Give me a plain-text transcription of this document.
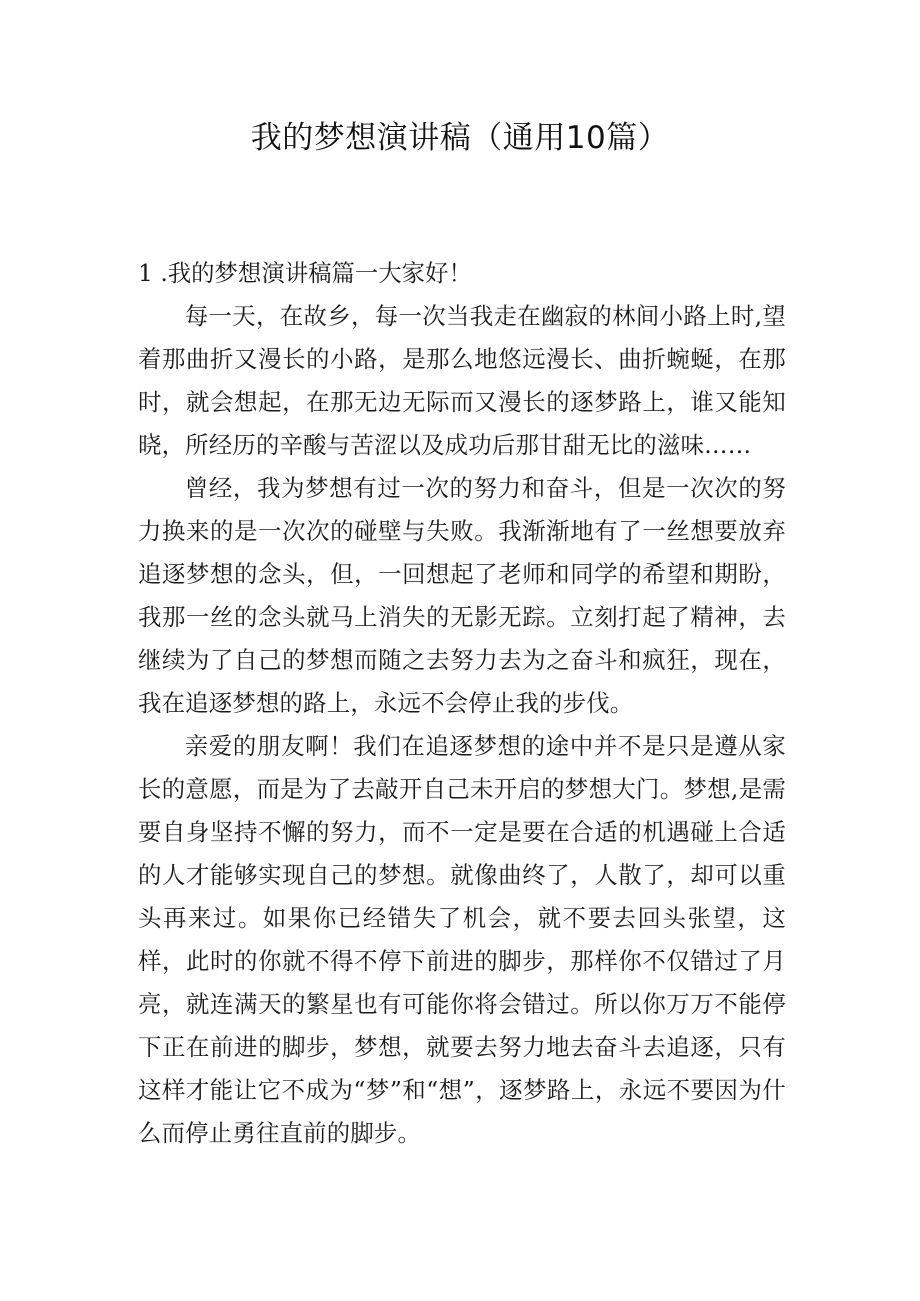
我的梦想演讲稿（通用10篇）

1 .我的梦想演讲稿篇一大家好！

每一天，在故乡，每一次当我走在幽寂的林间小路上时,望着那曲折又漫长的小路，是那么地悠远漫长、曲折蜿蜒，在那时，就会想起，在那无边无际而又漫长的逐梦路上，谁又能知晓，所经历的辛酸与苦涩以及成功后那甘甜无比的滋味……

曾经，我为梦想有过一次的努力和奋斗，但是一次次的努力换来的是一次次的碰壁与失败。我渐渐地有了一丝想要放弃追逐梦想的念头，但，一回想起了老师和同学的希望和期盼，我那一丝的念头就马上消失的无影无踪。立刻打起了精神，去继续为了自己的梦想而随之去努力去为之奋斗和疯狂，现在，我在追逐梦想的路上，永远不会停止我的步伐。

亲爱的朋友啊！我们在追逐梦想的途中并不是只是遵从家长的意愿，而是为了去敲开自己未开启的梦想大门。梦想,是需要自身坚持不懈的努力，而不一定是要在合适的机遇碰上合适的人才能够实现自己的梦想。就像曲终了，人散了，却可以重头再来过。如果你已经错失了机会，就不要去回头张望，这样，此时的你就不得不停下前进的脚步，那样你不仅错过了月亮，就连满天的繁星也有可能你将会错过。所以你万万不能停下正在前进的脚步，梦想，就要去努力地去奋斗去追逐，只有这样才能让它不成为“梦”和“想”，逐梦路上，永远不要因为什么而停止勇往直前的脚步。
